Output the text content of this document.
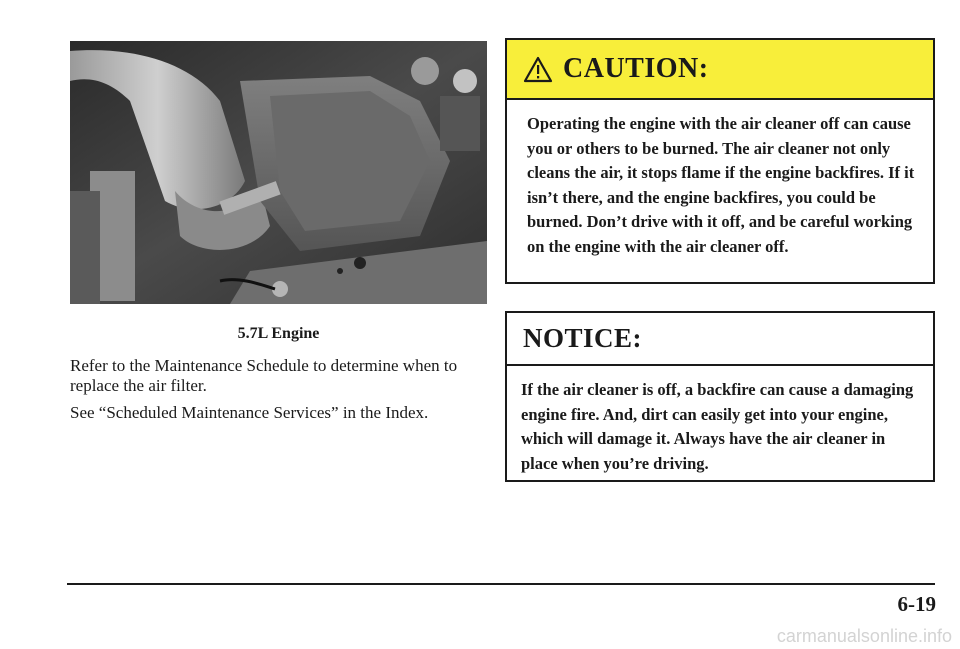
5.7L Engine

Refer to the Maintenance Schedule to determine when to replace the air filter.

See “Scheduled Maintenance Services” in the Index.

CAUTION:
Operating the engine with the air cleaner off can cause you or others to be burned. The air cleaner not only cleans the air, it stops flame if the engine backfires. If it isn’t there, and the engine backfires, you could be burned. Don’t drive with it off, and be careful working on the engine with the air cleaner off.
NOTICE:
If the air cleaner is off, a backfire can cause a damaging engine fire. And, dirt can easily get into your engine, which will damage it. Always have the air cleaner in place when you’re driving.
6-19
carmanualsonline.info
